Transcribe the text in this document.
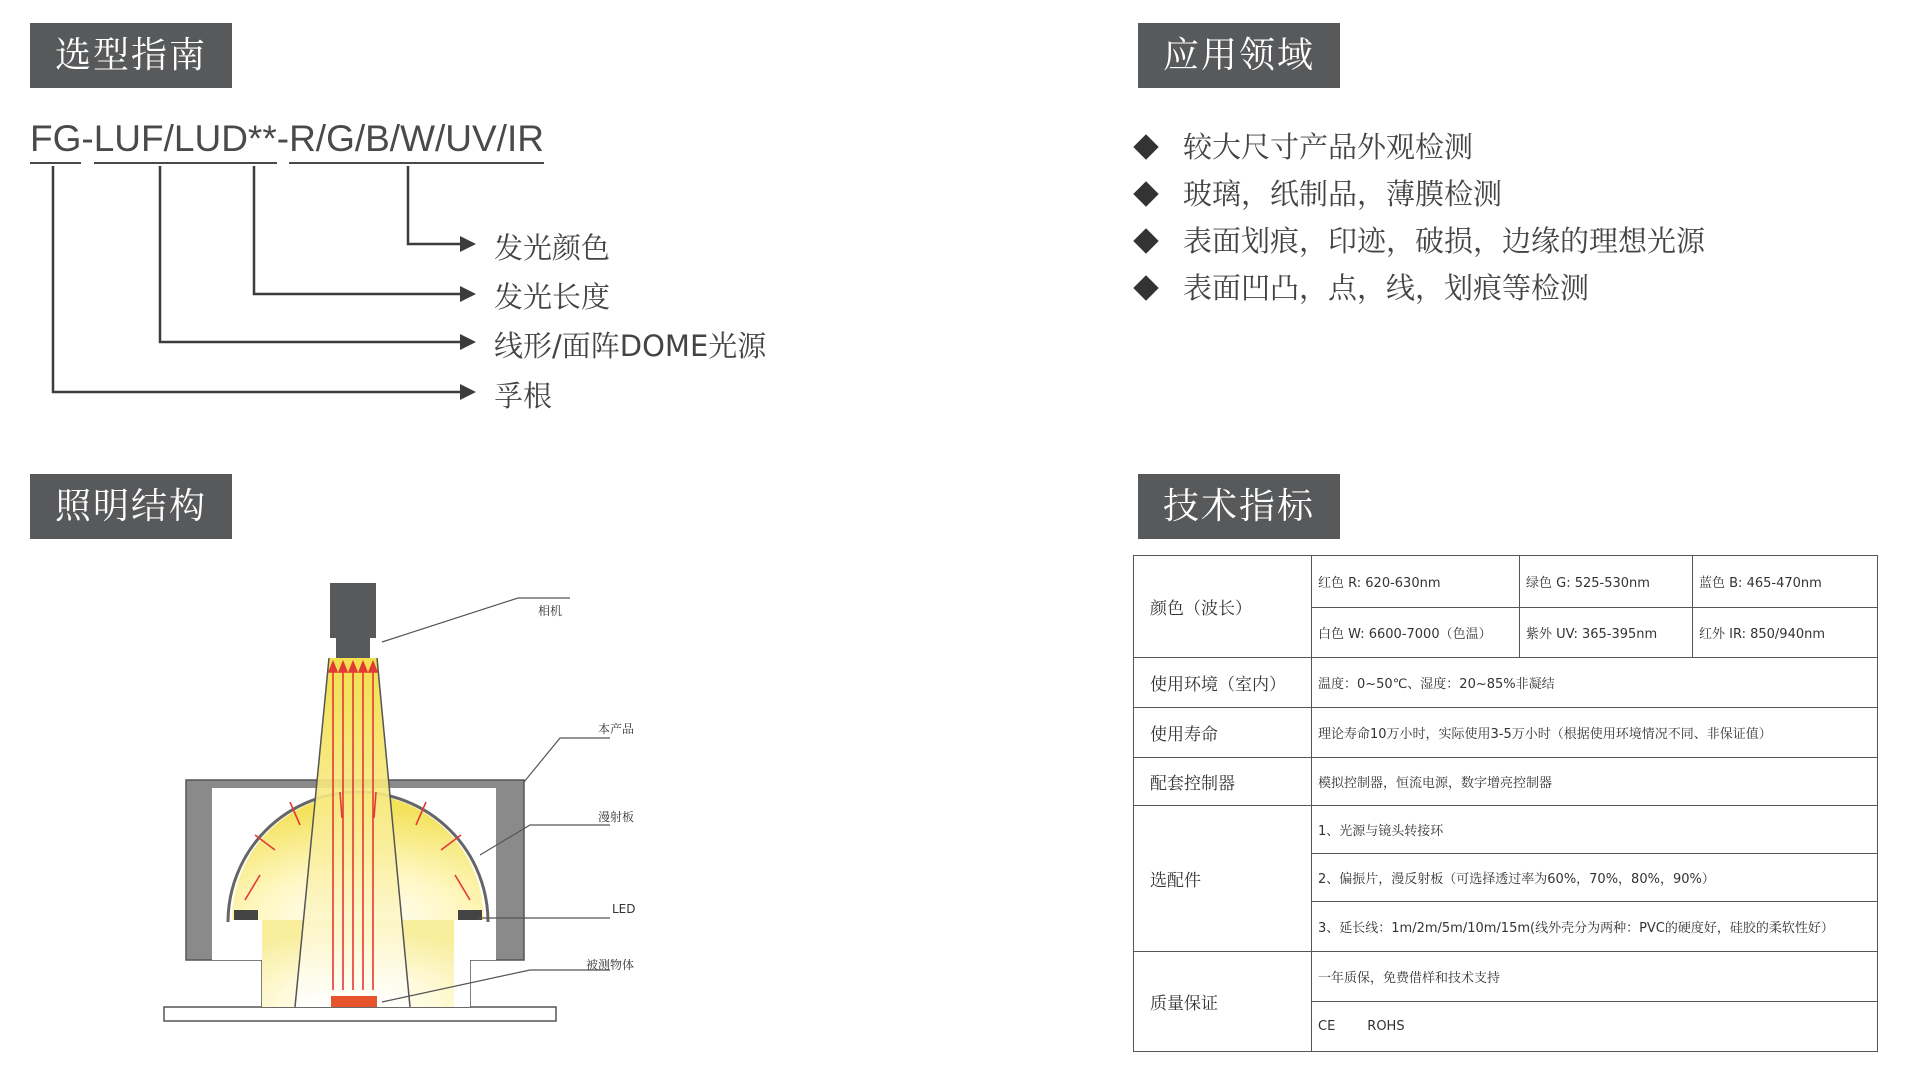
选型指南	应用领域
照明结构	技术指标
FG-LUF/LUD**-R/G/B/W/UV/IR
发光颜色
发光长度
线形/面阵DOME光源
孚根
较大尺寸产品外观检测
玻璃，纸制品，薄膜检测
表面划痕，印迹，破损，边缘的理想光源
表面凹凸，点，线，划痕等检测
相机
本产品
漫射板
LED
被测物体
颜色（波长）	红色 R: 620-630nm	绿色 G: 525-530nm	蓝色 B: 465-470nm
	白色 W: 6600-7000（色温）	紫外 UV: 365-395nm	红外 IR: 850/940nm
使用环境（室内）	温度：0~50℃、湿度：20~85%非凝结		
使用寿命	理论寿命10万小时，实际使用3-5万小时（根据使用环境情况不同、非保证值）		
配套控制器	模拟控制器，恒流电源，数字增亮控制器		
选配件	1、光源与镜头转接环		
	2、偏振片，漫反射板（可选择透过率为60%，70%，80%，90%）		
	3、延长线：1m/2m/5m/10m/15m(线外壳分为两种：PVC的硬度好，硅胶的柔软性好）		
质量保证	一年质保，免费借样和技术支持		
	CE ROHS		
